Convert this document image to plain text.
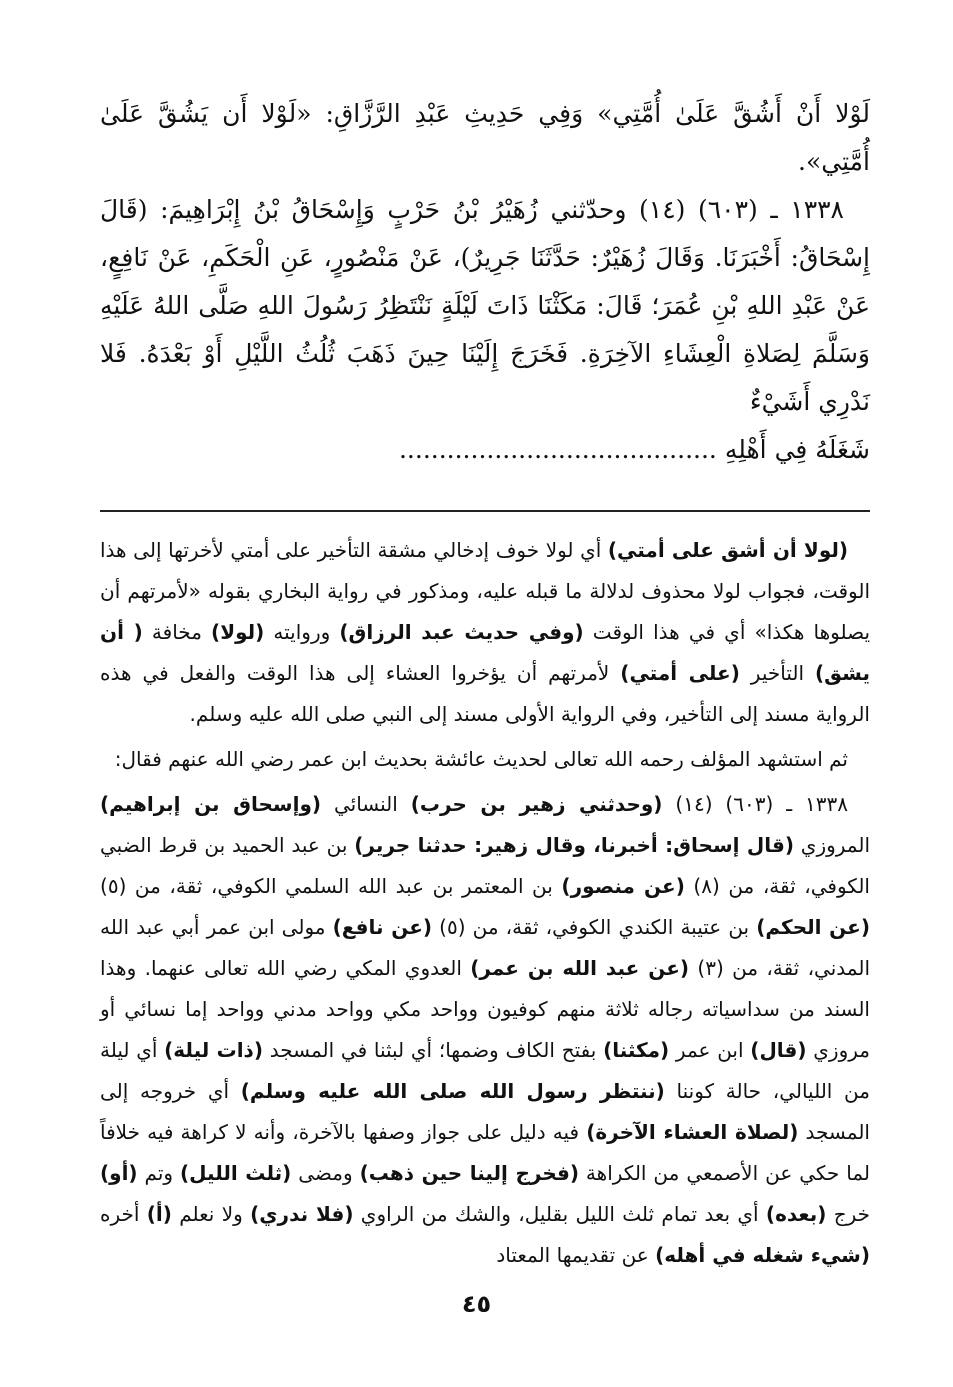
لَوْلا أَنْ أَشُقَّ عَلَىٰ أُمَّتِي» وَفِي حَدِيثِ عَبْدِ الرَّزَّاقِ: «لَوْلا أَن يَشُقَّ عَلَىٰ أُمَّتِي».

١٣٣٨ ـ (٦٠٣) (١٤) وحدّثني زُهَيْرُ بْنُ حَرْبٍ وَإِسْحَاقُ بْنُ إِبْرَاهِيمَ: (قَالَ إِسْحَاقُ: أَخْبَرَنَا. وَقَالَ زُهَيْرٌ: حَدَّثَنَا جَرِيرٌ)، عَنْ مَنْصُورٍ، عَنِ الْحَكَمِ، عَنْ نَافِعٍ، عَنْ عَبْدِ اللهِ بْنِ عُمَرَ؛ قَالَ: مَكَثْنَا ذَاتَ لَيْلَةٍ نَنْتَظِرُ رَسُولَ اللهِ صَلَّى اللهُ عَلَيْهِ وَسَلَّمَ لِصَلاةِ الْعِشَاءِ الآخِرَةِ. فَخَرَجَ إِلَيْنَا حِينَ ذَهَبَ ثُلُثُ اللَّيْلِ أَوْ بَعْدَهُ. فَلا نَدْرِي أَشَيْءٌ

شَغَلَهُ فِي أَهْلِهِ ........................................

(لولا أن أشق على أمتي) أي لولا خوف إدخالي مشقة التأخير على أمتي لأخرتها إلى هذا الوقت، فجواب لولا محذوف لدلالة ما قبله عليه، ومذكور في رواية البخاري بقوله «لأمرتهم أن يصلوها هكذا» أي في هذا الوقت (وفي حديث عبد الرزاق) وروايته (لولا) مخافة ( أن يشق) التأخير (على أمتي) لأمرتهم أن يؤخروا العشاء إلى هذا الوقت والفعل في هذه الرواية مسند إلى التأخير، وفي الرواية الأولى مسند إلى النبي صلى الله عليه وسلم.

ثم استشهد المؤلف رحمه الله تعالى لحديث عائشة بحديث ابن عمر رضي الله عنهم فقال:

١٣٣٨ ـ (٦٠٣) (١٤) (وحدثني زهير بن حرب) النسائي (وإسحاق بن إبراهيم) المروزي (قال إسحاق: أخبرنا، وقال زهير: حدثنا جرير) بن عبد الحميد بن قرط الضبي الكوفي، ثقة، من (٨) (عن منصور) بن المعتمر بن عبد الله السلمي الكوفي، ثقة، من (٥) (عن الحكم) بن عتيبة الكندي الكوفي، ثقة، من (٥) (عن نافع) مولى ابن عمر أبي عبد الله المدني، ثقة، من (٣) (عن عبد الله بن عمر) العدوي المكي رضي الله تعالى عنهما. وهذا السند من سداسياته رجاله ثلاثة منهم كوفيون وواحد مكي وواحد مدني وواحد إما نسائي أو مروزي (قال) ابن عمر (مكثنا) بفتح الكاف وضمها؛ أي لبثنا في المسجد (ذات ليلة) أي ليلة من الليالي، حالة كوننا (ننتظر رسول الله صلى الله عليه وسلم) أي خروجه إلى المسجد (لصلاة العشاء الآخرة) فيه دليل على جواز وصفها بالآخرة، وأنه لا كراهة فيه خلافاً لما حكي عن الأصمعي من الكراهة (فخرج إلينا حين ذهب) ومضى (ثلث الليل) وتم (أو) خرج (بعده) أي بعد تمام ثلث الليل بقليل، والشك من الراوي (فلا ندري) ولا نعلم (أ) أخره (شيء شغله في أهله) عن تقديمها المعتاد

٤٥
